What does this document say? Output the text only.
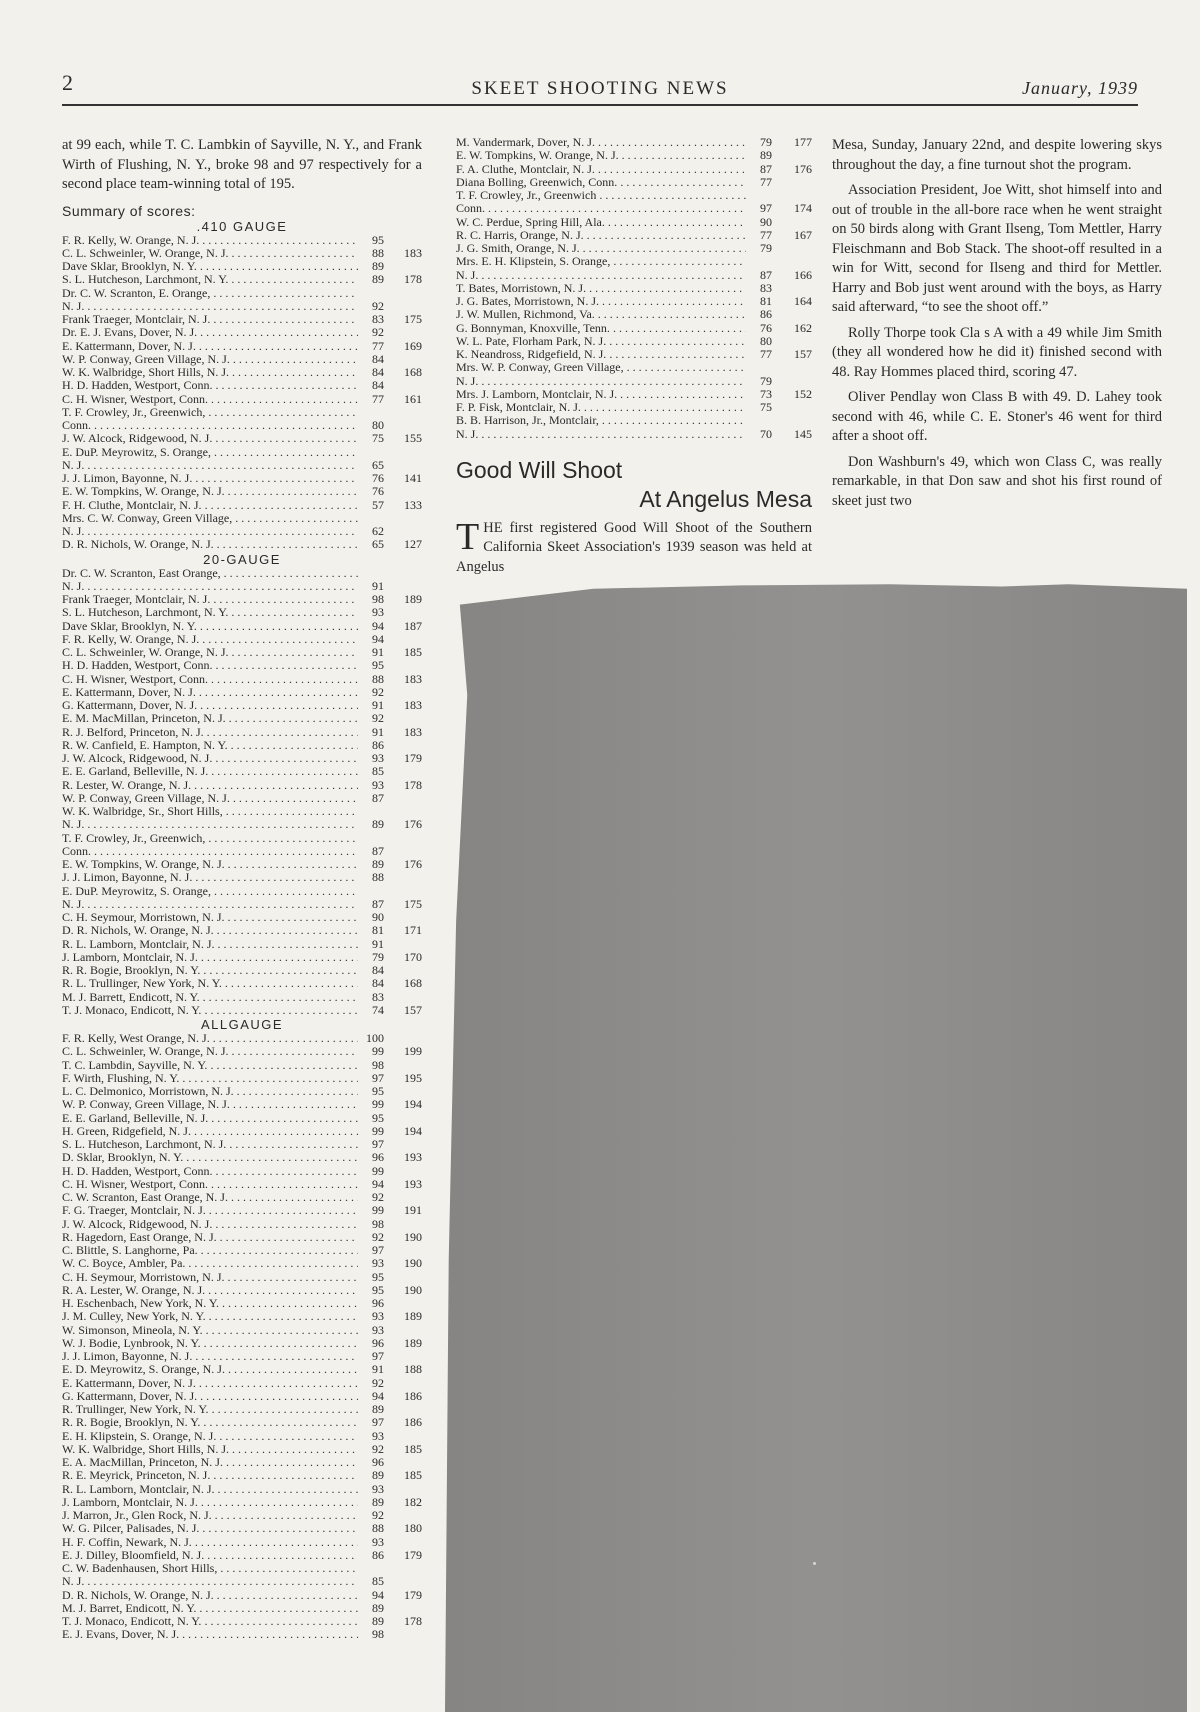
2	SKEET SHOOTING NEWS	January, 1939

at 99 each, while T. C. Lambkin of Sayville, N. Y., and Frank Wirth of Flushing, N. Y., broke 98 and 97 respectively for a second place team-winning total of 195.

Summary of scores:
.410 GAUGE
F. R. Kelly, W. Orange, N. J. . . .	95
C. L. Schweinler, W. Orange, N. J. . . .	88	183
Dave Sklar, Brooklyn, N. Y. . . .	89
S. L. Hutcheson, Larchmont, N. Y. . . .	89	178
Dr. C. W. Scranton, E. Orange, . . .
N. J. . . .	92
Frank Traeger, Montclair, N. J. . . .	83	175
Dr. E. J. Evans, Dover, N. J. . . .	92
E. Kattermann, Dover, N. J. . . .	77	169
W. P. Conway, Green Village, N. J. . . .	84
W. K. Walbridge, Short Hills, N. J. . . .	84	168
H. D. Hadden, Westport, Conn. . . .	84
C. H. Wisner, Westport, Conn. . . .	77	161
T. F. Crowley, Jr., Greenwich, . . .
Conn. . . .	80
J. W. Alcock, Ridgewood, N. J. . . .	75	155
E. DuP. Meyrowitz, S. Orange, . . .
N. J. . . .	65
J. J. Limon, Bayonne, N. J. . . .	76	141
E. W. Tompkins, W. Orange, N. J. . . .	76
F. H. Cluthe, Montclair, N. J. . . .	57	133
Mrs. C. W. Conway, Green Village, . . .
N. J. . . .	62
D. R. Nichols, W. Orange, N. J. . . .	65	127
20-GAUGE
Dr. C. W. Scranton, East Orange, . . .
N. J. . . .	91
Frank Traeger, Montclair, N. J. . . .	98	189
S. L. Hutcheson, Larchmont, N. Y. . . .	93
Dave Sklar, Brooklyn, N. Y. . . .	94	187
F. R. Kelly, W. Orange, N. J. . . .	94
C. L. Schweinler, W. Orange, N. J. . . .	91	185
H. D. Hadden, Westport, Conn. . . .	95
C. H. Wisner, Westport, Conn. . . .	88	183
E. Kattermann, Dover, N. J. . . .	92
G. Kattermann, Dover, N. J. . . .	91	183
E. M. MacMillan, Princeton, N. J. . . .	92
R. J. Belford, Princeton, N. J. . . .	91	183
R. W. Canfield, E. Hampton, N. Y. . . .	86
J. W. Alcock, Ridgewood, N. J. . . .	93	179
E. E. Garland, Belleville, N. J. . . .	85
R. Lester, W. Orange, N. J. . . .	93	178
W. P. Conway, Green Village, N. J. . . .	87
W. K. Walbridge, Sr., Short Hills, . . .
N. J. . . .	89	176
T. F. Crowley, Jr., Greenwich, . . .
Conn. . . .	87
E. W. Tompkins, W. Orange, N. J. . . .	89	176
J. J. Limon, Bayonne, N. J. . . .	88
E. DuP. Meyrowitz, S. Orange, . . .
N. J. . . .	87	175
C. H. Seymour, Morristown, N. J. . . .	90
D. R. Nichols, W. Orange, N. J. . . .	81	171
R. L. Lamborn, Montclair, N. J. . . .	91
J. Lamborn, Montclair, N. J. . . .	79	170
R. R. Bogie, Brooklyn, N. Y. . . .	84
R. L. Trullinger, New York, N. Y. . . .	84	168
M. J. Barrett, Endicott, N. Y. . . .	83
T. J. Monaco, Endicott, N. Y. . . .	74	157
ALLGAUGE
F. R. Kelly, West Orange, N. J. . . .	100
C. L. Schweinler, W. Orange, N. J. . . .	99	199
T. C. Lambdin, Sayville, N. Y. . . .	98
F. Wirth, Flushing, N. Y. . . .	97	195
L. C. Delmonico, Morristown, N. J. . . .	95
W. P. Conway, Green Village, N. J. . . .	99	194
E. E. Garland, Belleville, N. J. . . .	95
H. Green, Ridgefield, N. J. . . .	99	194
S. L. Hutcheson, Larchmont, N. J. . . .	97
D. Sklar, Brooklyn, N. Y. . . .	96	193
H. D. Hadden, Westport, Conn. . . .	99
C. H. Wisner, Westport, Conn. . . .	94	193
C. W. Scranton, East Orange, N. J. . . .	92
F. G. Traeger, Montclair, N. J. . . .	99	191
J. W. Alcock, Ridgewood, N. J. . . .	98
R. Hagedorn, East Orange, N. J. . . .	92	190
C. Blittle, S. Langhorne, Pa. . . .	97
W. C. Boyce, Ambler, Pa. . . .	93	190
C. H. Seymour, Morristown, N. J. . . .	95
R. A. Lester, W. Orange, N. J. . . .	95	190
H. Eschenbach, New York, N. Y. . . .	96
J. M. Culley, New York, N. Y. . . .	93	189
W. Simonson, Mineola, N. Y. . . .	93
W. J. Bodie, Lynbrook, N. Y. . . .	96	189
J. J. Limon, Bayonne, N. J. . . .	97
E. D. Meyrowitz, S. Orange, N. J. . . .	91	188
E. Kattermann, Dover, N. J. . . .	92
G. Kattermann, Dover, N. J. . . .	94	186
R. Trullinger, New York, N. Y. . . .	89
R. R. Bogie, Brooklyn, N. Y. . . .	97	186
E. H. Klipstein, S. Orange, N. J. . . .	93
W. K. Walbridge, Short Hills, N. J. . . .	92	185
E. A. MacMillan, Princeton, N. J. . . .	96
R. E. Meyrick, Princeton, N. J. . . .	89	185
R. L. Lamborn, Montclair, N. J. . . .	93
J. Lamborn, Montclair, N. J. . . .	89	182
J. Marron, Jr., Glen Rock, N. J. . . .	92
W. G. Pilcer, Palisades, N. J. . . .	88	180
H. F. Coffin, Newark, N. J. . . .	93
E. J. Dilley, Bloomfield, N. J. . . .	86	179
C. W. Badenhausen, Short Hills, . . .
N. J. . . .	85
D. R. Nichols, W. Orange, N. J. . . .	94	179
M. J. Barret, Endicott, N. Y. . . .	89
T. J. Monaco, Endicott, N. Y. . . .	89	178
E. J. Evans, Dover, N. J. . . .	98
M. Vandermark, Dover, N. J. . . .	79	177
E. W. Tompkins, W. Orange, N. J. . . .	89
F. A. Cluthe, Montclair, N. J. . . .	87	176
Diana Bolling, Greenwich, Conn. . . .	77
T. F. Crowley, Jr., Greenwich . . .
Conn. . . .	97	174
W. C. Perdue, Spring Hill, Ala. . . .	90
R. C. Harris, Orange, N. J. . . .	77	167
J. G. Smith, Orange, N. J. . . .	79
Mrs. E. H. Klipstein, S. Orange, . . .
N. J. . . .	87	166
T. Bates, Morristown, N. J. . . .	83
J. G. Bates, Morristown, N. J. . . .	81	164
J. W. Mullen, Richmond, Va. . . .	86
G. Bonnyman, Knoxville, Tenn. . . .	76	162
W. L. Pate, Florham Park, N. J. . . .	80
K. Neandross, Ridgefield, N. J. . . .	77	157
Mrs. W. P. Conway, Green Village, . . .
N. J. . . .	79
Mrs. J. Lamborn, Montclair, N. J. . . .	73	152
F. P. Fisk, Montclair, N. J. . . .	75
B. B. Harrison, Jr., Montclair, . . .
N. J. . . .	70	145
Good Will Shoot
At Angelus Mesa
THE first registered Good Will Shoot of the Southern California Skeet Association's 1939 season was held at Angelus

Mesa, Sunday, January 22nd, and despite lowering skys throughout the day, a fine turnout shot the program.

Association President, Joe Witt, shot himself into and out of trouble in the all-bore race when he went straight on 50 birds along with Grant Ilseng, Tom Mettler, Harry Fleischmann and Bob Stack. The shoot-off resulted in a win for Witt, second for Ilseng and third for Mettler. Harry and Bob just went around with the boys, as Harry said afterward, “to see the shoot off.”

Rolly Thorpe took Cla s A with a 49 while Jim Smith (they all wondered how he did it) finished second with 48. Ray Hommes placed third, scoring 47.

Oliver Pendlay won Class B with 49. D. Lahey took second with 46, while C. E. Stoner's 46 went for third after a shoot off.

Don Washburn's 49, which won Class C, was really remarkable, in that Don saw and shot his first round of skeet just two
